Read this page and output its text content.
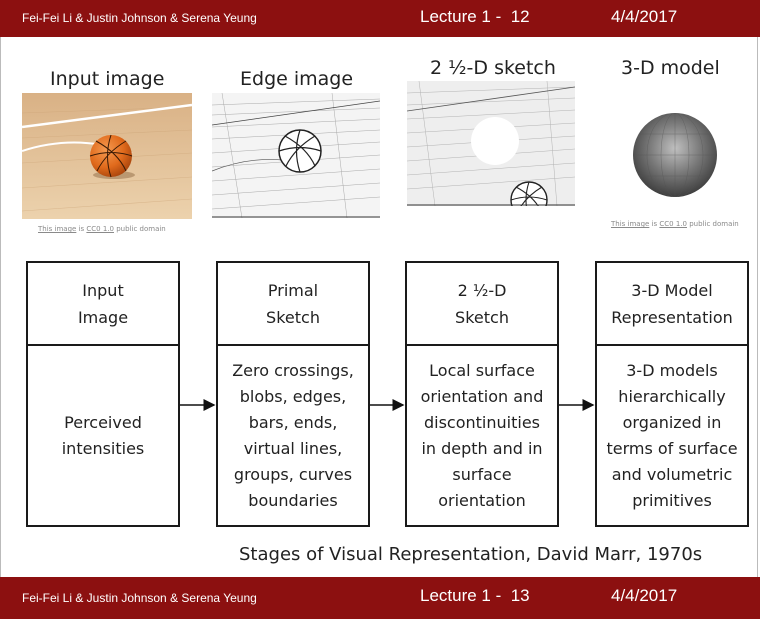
Fei-Fei Li & Justin Johnson & Serena Yeung	Lecture 1 - 12	4/4/2017
Input image	Edge image	2 ½-D sketch	3-D model
This image is CC0 1.0 public domain
This image is CC0 1.0 public domain
Input
Image
Perceived
intensities
Primal
Sketch
Zero crossings,
blobs, edges,
bars, ends,
virtual lines,
groups, curves
boundaries
2 ½-D
Sketch
Local surface
orientation and
discontinuities
in depth and in
surface
orientation
3-D Model
Representation
3-D models
hierarchically
organized in
terms of surface
and volumetric
primitives
Stages of Visual Representation, David Marr, 1970s
Fei-Fei Li & Justin Johnson & Serena Yeung	Lecture 1 - 13	4/4/2017
